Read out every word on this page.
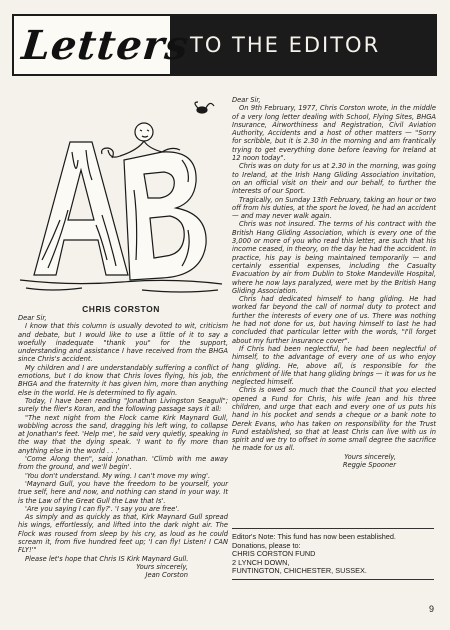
Letters
TO THE EDITOR
CHRIS CORSTON

Dear Sir,

I know that this column is usually devoted to wit, criticism and debate, but I would like to use a little of it to say a woefully inadequate "thank you" for the support, understanding and assistance I have received from the BHGA since Chris's accident.

My children and I are understandably suffering a conflict of emotions, but I do know that Chris loves flying, his job, the BHGA and the fraternity it has given him, more than anything else in the world. He is determined to fly again.

Today, I have been reading "Jonathan Livingston Seagull"; surely the flier's Koran, and the following passage says it all:

"The next night from the Flock came Kirk Maynard Gull, wobbling across the sand, dragging his left wing, to collapse at Jonathan's feet. 'Help me', he said very quietly, speaking in the way that the dying speak. 'I want to fly more than anything else in the world . . .'

'Come Along then", said Jonathan. 'Climb with me away from the ground, and we'll begin'.

'You don't understand. My wing. I can't move my wing'.

'Maynard Gull, you have the freedom to be yourself, your true self, here and now, and nothing can stand in your way. It is the Law of the Great Gull the Law that Is'.

'Are you saying I can fly?'. 'I say you are free'.

As simply and as quickly as that, Kirk Maynard Gull spread his wings, effortlessly, and lifted into the dark night air. The Flock was roused from sleep by his cry, as loud as he could scream it, from five hundred feet up; 'I can fly! Listen! I CAN FLY!'"

Please let's hope that Chris IS Kirk Maynard Gull.

Yours sincerely,

Jean Corston

Dear Sir,

On 9th February, 1977, Chris Corston wrote, in the middle of a very long letter dealing with School, Flying Sites, BHGA Insurance, Airworthiness and Registration, Civil Aviation Authority, Accidents and a host of other matters — "Sorry for scribble, but it is 2.30 in the morning and am frantically trying to get everything done before leaving for Ireland at 12 noon today".

Chris was on duty for us at 2.30 in the morning, was going to Ireland, at the Irish Hang Gliding Association invitation, on an official visit on their and our behalf, to further the interests of our Sport.

Tragically, on Sunday 13th February, taking an hour or two off from his duties, at the sport he loved, he had an accident — and may never walk again.

Chris was not insured. The terms of his contract with the British Hang Gliding Association, which is every one of the 3,000 or more of you who read this letter, are such that his income ceased, in theory, on the day he had the accident. In practice, his pay is being maintained temporarily — and certainly essential expenses, including the Casualty Evacuation by air from Dublin to Stoke Mandeville Hospital, where he now lays paralyzed, were met by the British Hang Gliding Association.

Chris had dedicated himself to hang gliding. He had worked far beyond the call of normal duty to protect and further the interests of every one of us. There was nothing he had not done for us, but having himself to last he had concluded that particular letter with the words, "I'll forget about my further insurance cover".

If Chris had been neglectful, he had been neglectful of himself, to the advantage of every one of us who enjoy hang gliding. He, above all, is responsible for the enrichment of life that hang gliding brings — it was for us he neglected himself.

Chris is owed so much that the Council that you elected opened a Fund for Chris, his wife Jean and his three children, and urge that each and every one of us puts his hand in his pocket and sends a cheque or a bank note to Derek Evans, who has taken on responsibility for the Trust Fund established, so that at least Chris can live with us in spirit and we try to offset in some small degree the sacrifice he made for us all.

Yours sincerely,

Reggie Spooner

Editor's Note: This fund has now been established.
Donations, please to:
CHRIS CORSTON FUND
2 LYNCH DOWN,
FUNTINGTON, CHICHESTER, SUSSEX.
9
